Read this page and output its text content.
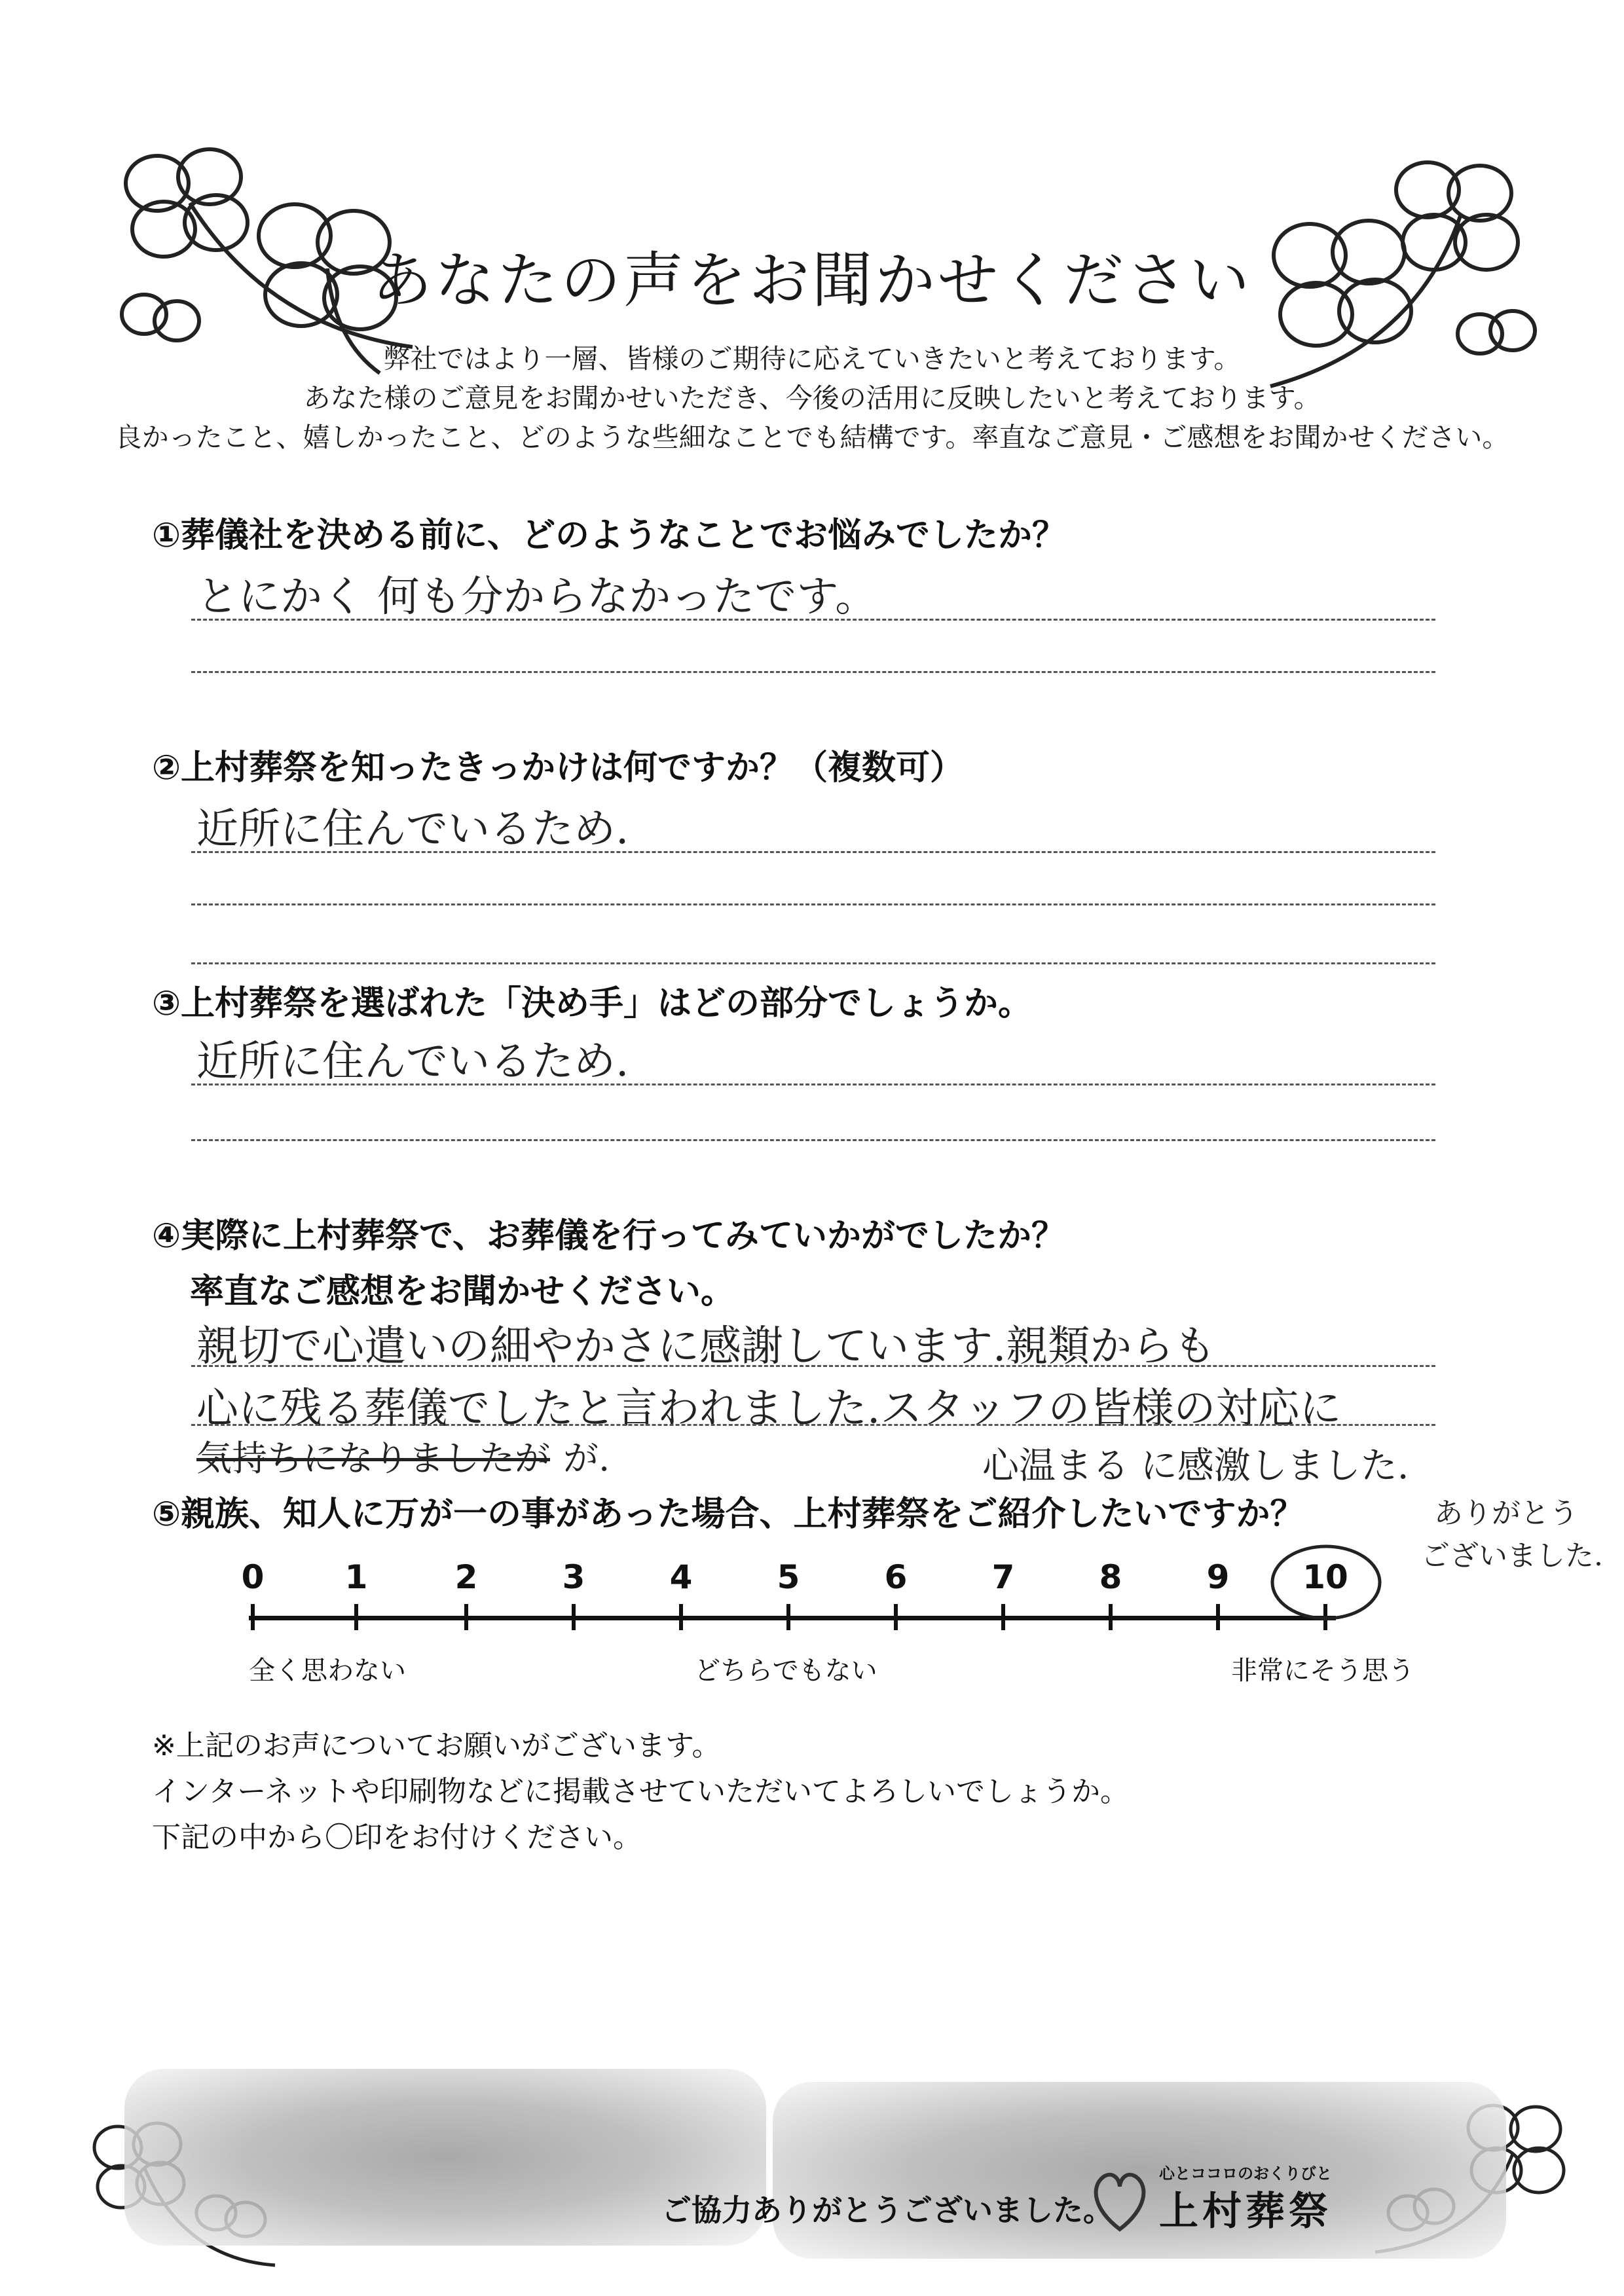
あなたの声をお聞かせください
弊社ではより一層、皆様のご期待に応えていきたいと考えております。
あなた様のご意見をお聞かせいただき、今後の活用に反映したいと考えております。
良かったこと、嬉しかったこと、どのような些細なことでも結構です。率直なご意見・ご感想をお聞かせください。
①葬儀社を決める前に、どのようなことでお悩みでしたか？
とにかく 何も分からなかったです。
②上村葬祭を知ったきっかけは何ですか？（複数可）
近所に住んでいるため.
③上村葬祭を選ばれた「決め手」はどの部分でしょうか。
近所に住んでいるため.
④実際に上村葬祭で、お葬儀を行ってみていかがでしたか？
率直なご感想をお聞かせください。
親切で心遣いの細やかさに感謝しています.親類からも
心に残る葬儀でしたと言われました.スタッフの皆様の対応に
気持ちになりましたが が.	心温まる に感激しました.
ありがとう
ございました.
⑤親族、知人に万が一の事があった場合、上村葬祭をご紹介したいですか？
0	1	2	3	4	5	6	7	8	9	10
全く思わない	どちらでもない	非常にそう思う
※上記のお声についてお願いがございます。
インターネットや印刷物などに掲載させていただいてよろしいでしょうか。
下記の中から〇印をお付けください。
ご協力ありがとうございました。
心とココロのおくりびと
上村葬祭
